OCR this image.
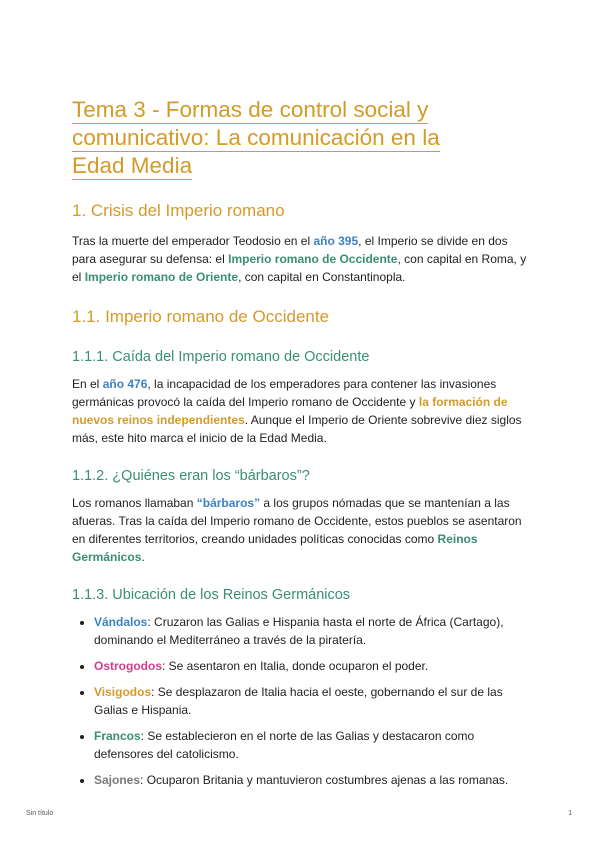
Tema 3 - Formas de control social y
comunicativo: La comunicación en la
Edad Media
1. Crisis del Imperio romano

Tras la muerte del emperador Teodosio en el año 395, el Imperio se divide en dos para asegurar su defensa: el Imperio romano de Occidente, con capital en Roma, y el Imperio romano de Oriente, con capital en Constantinopla.

1.1. Imperio romano de Occidente
1.1.1. Caída del Imperio romano de Occidente

En el año 476, la incapacidad de los emperadores para contener las invasiones germánicas provocó la caída del Imperio romano de Occidente y la formación de nuevos reinos independientes. Aunque el Imperio de Oriente sobrevive diez siglos más, este hito marca el inicio de la Edad Media.

1.1.2. ¿Quiénes eran los “bárbaros”?

Los romanos llamaban “bárbaros” a los grupos nómadas que se mantenían a las afueras. Tras la caída del Imperio romano de Occidente, estos pueblos se asentaron en diferentes territorios, creando unidades políticas conocidas como Reinos Germánicos.

1.1.3. Ubicación de los Reinos Germánicos
• Vándalos: Cruzaron las Galias e Hispania hasta el norte de África (Cartago), dominando el Mediterráneo a través de la piratería.
• Ostrogodos: Se asentaron en Italia, donde ocuparon el poder.
• Visigodos: Se desplazaron de Italia hacia el oeste, gobernando el sur de las Galias e Hispania.
• Francos: Se establecieron en el norte de las Galias y destacaron como defensores del catolicismo.
• Sajones: Ocuparon Britania y mantuvieron costumbres ajenas a las romanas.
Sin título	1
